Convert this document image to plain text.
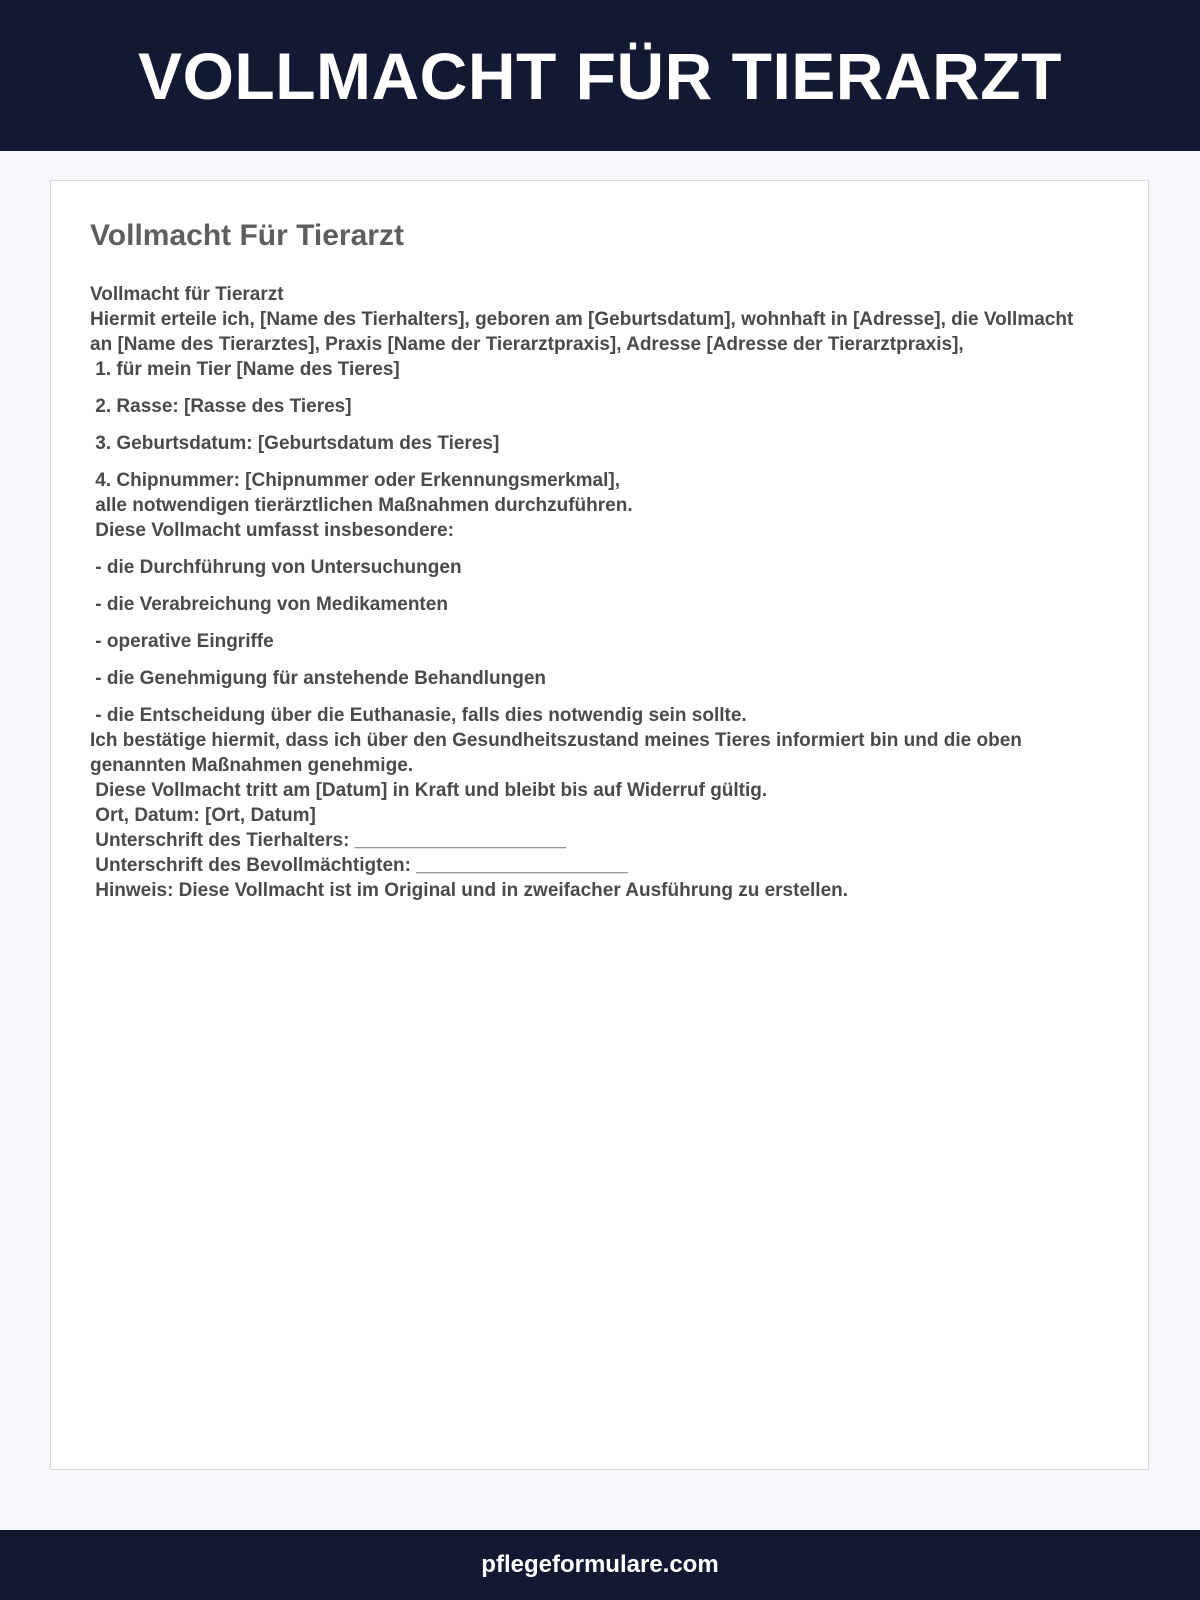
VOLLMACHT FÜR TIERARZT
Vollmacht Für Tierarzt
Vollmacht für Tierarzt
Hiermit erteile ich, [Name des Tierhalters], geboren am [Geburtsdatum], wohnhaft in [Adresse], die Vollmacht an [Name des Tierarztes], Praxis [Name der Tierarztpraxis], Adresse [Adresse der Tierarztpraxis],
1. für mein Tier [Name des Tieres]
2. Rasse: [Rasse des Tieres]
3. Geburtsdatum: [Geburtsdatum des Tieres]
4. Chipnummer: [Chipnummer oder Erkennungsmerkmal],
alle notwendigen tierärztlichen Maßnahmen durchzuführen.
Diese Vollmacht umfasst insbesondere:
- die Durchführung von Untersuchungen
- die Verabreichung von Medikamenten
- operative Eingriffe
- die Genehmigung für anstehende Behandlungen
- die Entscheidung über die Euthanasie, falls dies notwendig sein sollte.
Ich bestätige hiermit, dass ich über den Gesundheitszustand meines Tieres informiert bin und die oben genannten Maßnahmen genehmige.
Diese Vollmacht tritt am [Datum] in Kraft und bleibt bis auf Widerruf gültig.
Ort, Datum: [Ort, Datum]
Unterschrift des Tierhalters: ____________________
Unterschrift des Bevollmächtigten: ____________________
Hinweis: Diese Vollmacht ist im Original und in zweifacher Ausführung zu erstellen.
pflegeformulare.com
